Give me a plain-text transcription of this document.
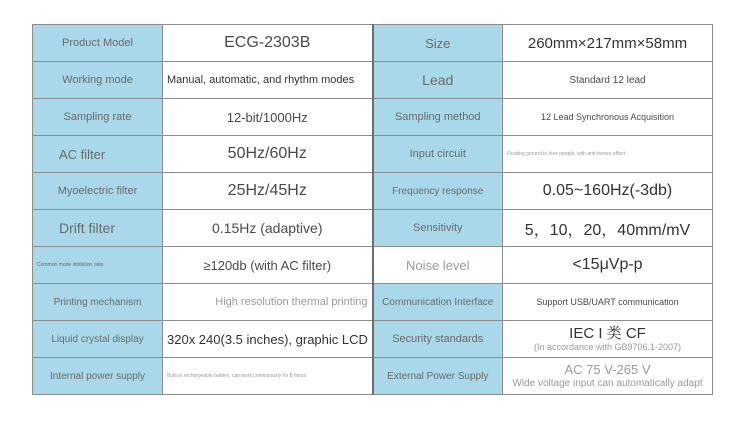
Product Model	ECG-2303B	Size	260mm×217mm×58mm
Working mode	Manual, automatic, and rhythm modes	Lead	Standard 12 lead
Sampling rate	12-bit/1000Hz	Sampling method	12 Lead Synchronous Acquisition
AC filter	50Hz/60Hz	Input circuit	Floating ground to lose people, with anti-tremor effect
Myoelectric filter	25Hz/45Hz	Frequency response	0.05~160Hz(-3db)
Drift filter	0.15Hz (adaptive)	Sensitivity	5，10，20，40mm/mV
Common mode inhibition ratio	≥120db (with AC filter)	Noise level	<15μVp-p
Printing mechanism	High resolution thermal printing	Communication Interface	Support USB/UART communication
Liquid crystal display	320x 240(3.5 inches), graphic LCD	Security standards	IEC I 类 CF
(In accordance with GB9706.1-2007)

Internal power supply	Built-in rechargeable battery, can work continuously for 8 hours	External Power Supply	AC 75 V-265 V
Wide voltage input can automatically adapt
